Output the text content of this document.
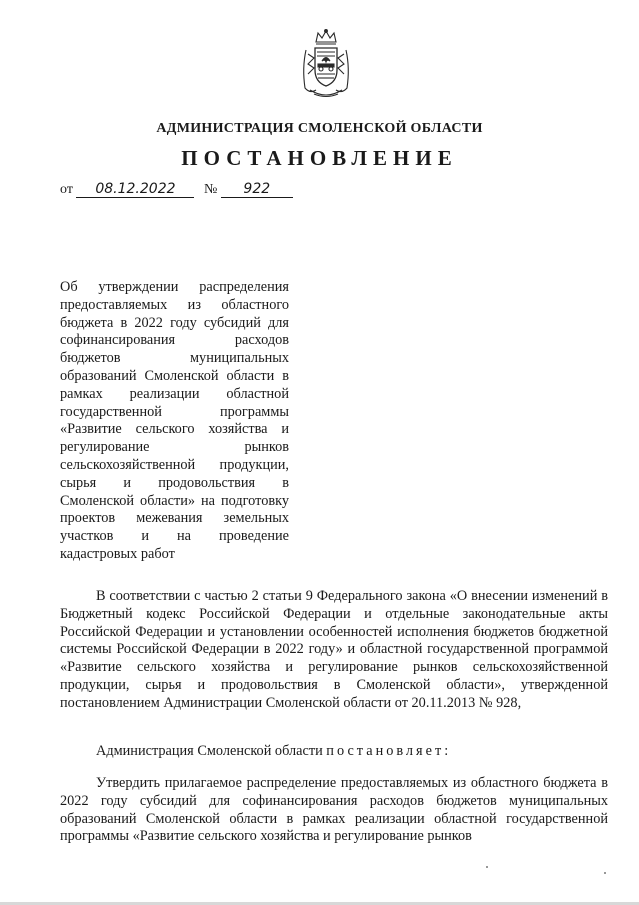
АДМИНИСТРАЦИЯ СМОЛЕНСКОЙ ОБЛАСТИ
ПОСТАНОВЛЕНИЕ
от 08.12.2022 № 922
Об утверждении распределения предоставляемых из областного бюджета в 2022 году субсидий для софинансирования расходов бюджетов муниципальных образований Смоленской области в рамках реализации областной государственной программы «Развитие сельского хозяйства и регулирование рынков сельскохозяйственной продукции, сырья и продовольствия в Смоленской области» на подготовку проектов межевания земельных участков и на проведение кадастровых работ
В соответствии с частью 2 статьи 9 Федерального закона «О внесении изменений в Бюджетный кодекс Российской Федерации и отдельные законодательные акты Российской Федерации и установлении особенностей исполнения бюджетов бюджетной системы Российской Федерации в 2022 году» и областной государственной программой «Развитие сельского хозяйства и регулирование рынков сельскохозяйственной продукции, сырья и продовольствия в Смоленской области», утвержденной постановлением Администрации Смоленской области от 20.11.2013 № 928,
Администрация Смоленской области постановляет:
Утвердить прилагаемое распределение предоставляемых из областного бюджета в 2022 году субсидий для софинансирования расходов бюджетов муниципальных образований Смоленской области в рамках реализации областной государственной программы «Развитие сельского хозяйства и регулирование рынков
